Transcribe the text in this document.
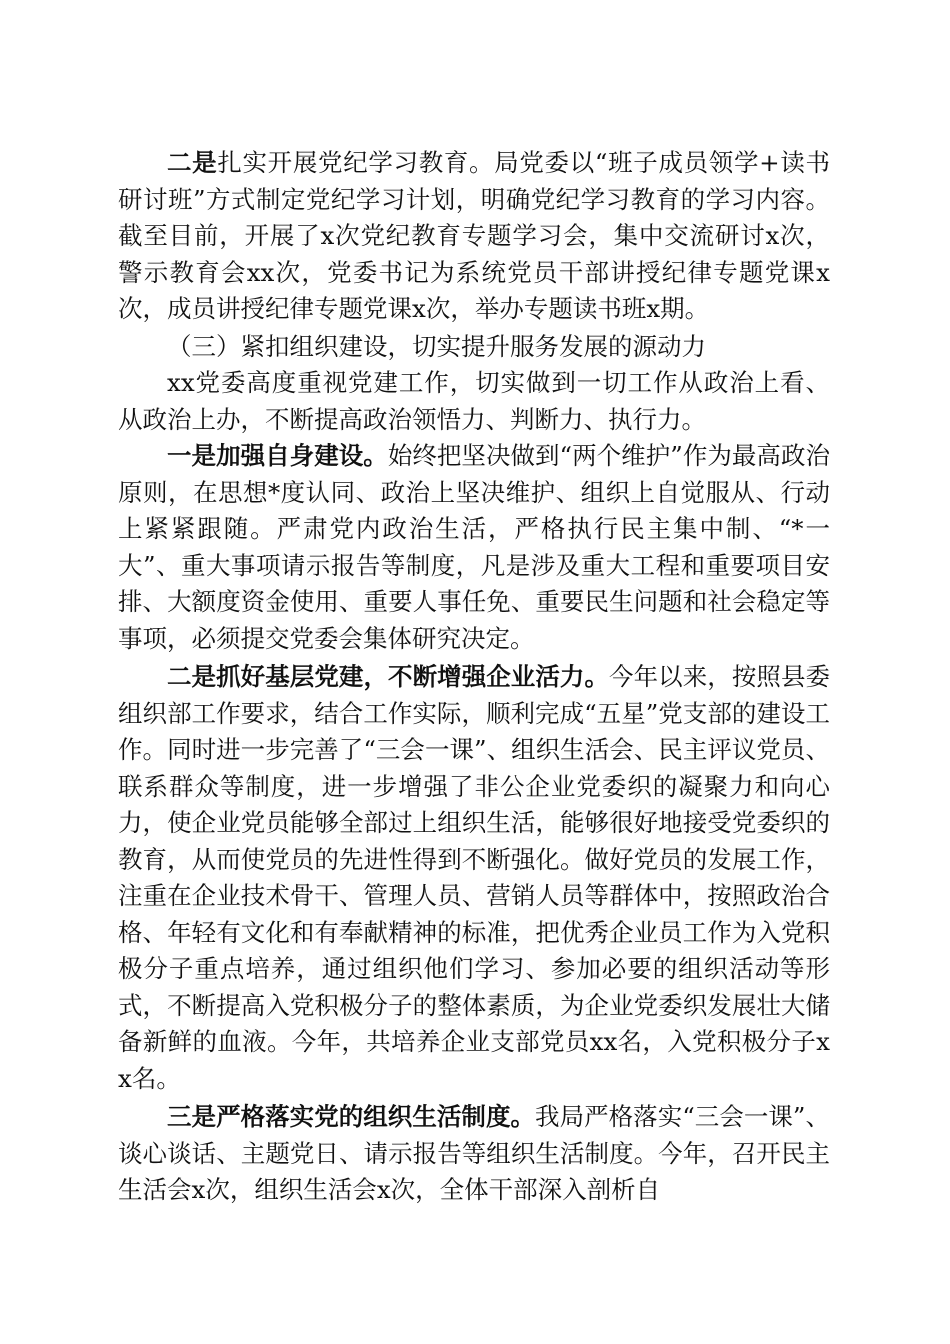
二是扎实开展党纪学习教育。局党委以“班子成员领学+读书研讨班”方式制定党纪学习计划，明确党纪学习教育的学习内容。截至目前，开展了x次党纪教育专题学习会，集中交流研讨x次，警示教育会xx次，党委书记为系统党员干部讲授纪律专题党课x次，成员讲授纪律专题党课x次，举办专题读书班x期。

（三）紧扣组织建设，切实提升服务发展的源动力

xx党委高度重视党建工作，切实做到一切工作从政治上看、从政治上办，不断提高政治领悟力、判断力、执行力。

一是加强自身建设。始终把坚决做到“两个维护”作为最高政治原则，在思想*度认同、政治上坚决维护、组织上自觉服从、行动上紧紧跟随。严肃党内政治生活，严格执行民主集中制、“*一大”、重大事项请示报告等制度，凡是涉及重大工程和重要项目安排、大额度资金使用、重要人事任免、重要民生问题和社会稳定等事项，必须提交党委会集体研究决定。

二是抓好基层党建，不断增强企业活力。今年以来，按照县委组织部工作要求，结合工作实际，顺利完成“五星”党支部的建设工作。同时进一步完善了“三会一课”、组织生活会、民主评议党员、联系群众等制度，进一步增强了非公企业党委织的凝聚力和向心力，使企业党员能够全部过上组织生活，能够很好地接受党委织的教育，从而使党员的先进性得到不断强化。做好党员的发展工作，注重在企业技术骨干、管理人员、营销人员等群体中，按照政治合格、年轻有文化和有奉献精神的标准，把优秀企业员工作为入党积极分子重点培养，通过组织他们学习、参加必要的组织活动等形式，不断提高入党积极分子的整体素质，为企业党委织发展壮大储备新鲜的血液。今年，共培养企业支部党员xx名，入党积极分子xx名。

三是严格落实党的组织生活制度。我局严格落实“三会一课”、谈心谈话、主题党日、请示报告等组织生活制度。今年，召开民主生活会x次，组织生活会x次，全体干部深入剖析自
